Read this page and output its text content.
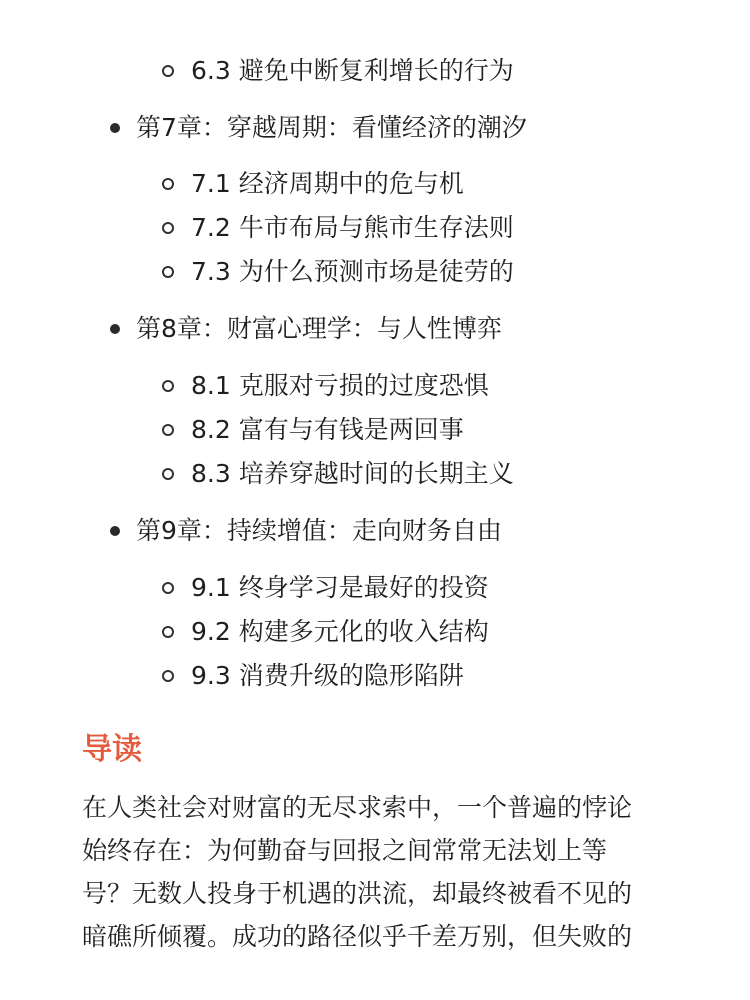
6.3 避免中断复利增长的行为
第7章：穿越周期：看懂经济的潮汐
7.1 经济周期中的危与机
7.2 牛市布局与熊市生存法则
7.3 为什么预测市场是徒劳的
第8章：财富心理学：与人性博弈
8.1 克服对亏损的过度恐惧
8.2 富有与有钱是两回事
8.3 培养穿越时间的长期主义
第9章：持续增值：走向财务自由
9.1 终身学习是最好的投资
9.2 构建多元化的收入结构
9.3 消费升级的隐形陷阱
导读
在人类社会对财富的无尽求索中，一个普遍的悖论
始终存在：为何勤奋与回报之间常常无法划上等
号？无数人投身于机遇的洪流，却最终被看不见的
暗礁所倾覆。成功的路径似乎千差万别，但失败的
